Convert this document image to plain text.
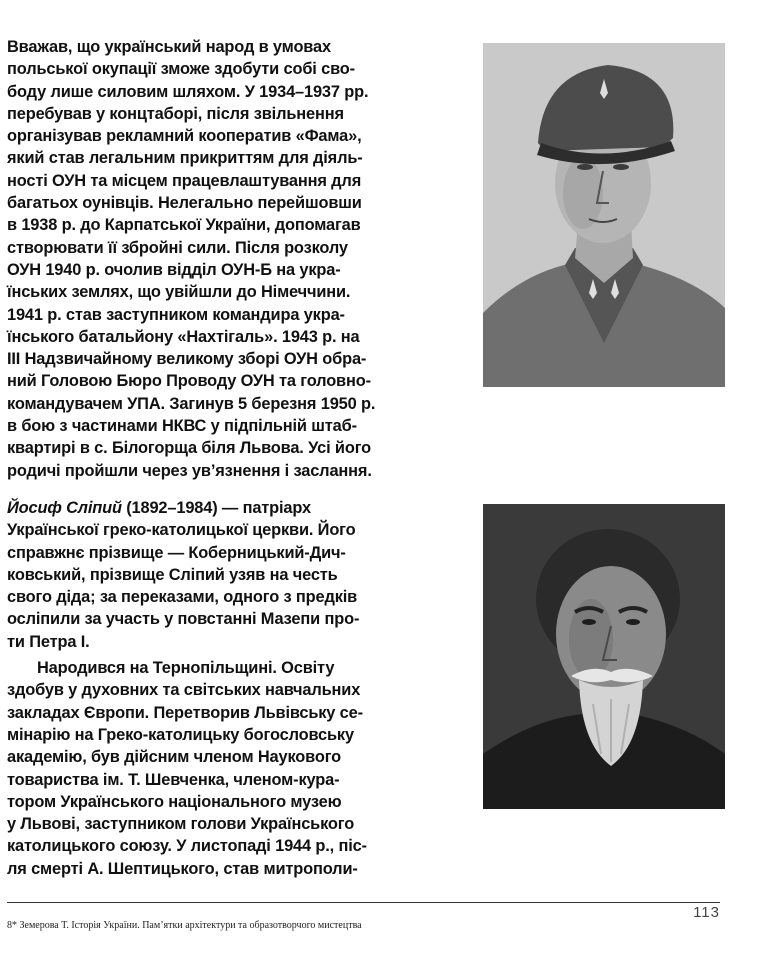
Вважав, що український народ в умовах
польської окупації зможе здобути собі сво-
боду лише силовим шляхом. У 1934–1937 рр.
перебував у концтаборі, після звільнення
організував рекламний кооператив «Фама»,
який став легальним прикриттям для діяль-
ності ОУН та місцем працевлаштування для
багатьох оунівців. Нелегально перейшовши
в 1938 р. до Карпатської України, допомагав
створювати її збройні сили. Після розколу
ОУН 1940 р. очолив відділ ОУН-Б на укра-
їнських землях, що увійшли до Німеччини.
1941 р. став заступником командира укра-
їнського батальйону «Нахтігаль». 1943 р. на
ІІІ Надзвичайному великому зборі ОУН обра-
ний Головою Бюро Проводу ОУН та головно-
командувачем УПА. Загинув 5 березня 1950 р.
в бою з частинами НКВС у підпільній штаб-
квартирі в с. Білогорща біля Львова. Усі його
родичі пройшли через ув’язнення і заслання.

Йосиф Сліпий (1892–1984) — патріарх
Української греко-католицької церкви. Його
справжнє прізвище — Коберницький-Дич-
ковський, прізвище Сліпий узяв на честь
свого діда; за переказами, одного з предків
осліпили за участь у повстанні Мазепи про-
ти Петра І.

Народився на Тернопільщині. Освіту
здобув у духовних та світських навчальних
закладах Європи. Перетворив Львівську се-
мінарію на Греко-католицьку богословську
академію, був дійсним членом Наукового
товариства ім. Т. Шевченка, членом-кура-
тором Українського національного музею
у Львові, заступником голови Українського
католицького союзу. У листопаді 1944 р., піс-
ля смерті А. Шептицького, став митрополи-

113
8* Земерова Т. Історія України. Пам’ятки архітектури та образотворчого мистецтва
